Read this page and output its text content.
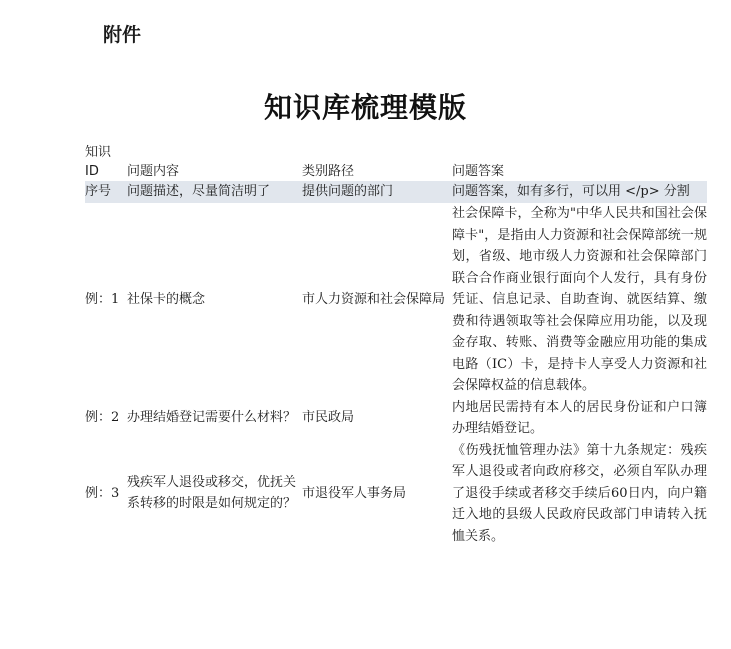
附件
知识库梳理模版
知识
ID	问题内容	类别路径	问题答案
序号	问题描述，尽量简洁明了	提供问题的部门	问题答案，如有多行，可以用 </p> 分割
例：1	社保卡的概念	市人力资源和社会保障局	社会保障卡，全称为"中华人民共和国社会保障卡"，是指由人力资源和社会保障部统一规划，省级、地市级人力资源和社会保障部门联合合作商业银行面向个人发行，具有身份凭证、信息记录、自助查询、就医结算、缴费和待遇领取等社会保障应用功能，以及现金存取、转账、消费等金融应用功能的集成电路（IC）卡，是持卡人享受人力资源和社会保障权益的信息载体。
例：2	办理结婚登记需要什么材料？	市民政局	内地居民需持有本人的居民身份证和户口簿办理结婚登记。
例：3	残疾军人退役或移交，优抚关系转移的时限是如何规定的？	市退役军人事务局	《伤残抚恤管理办法》第十九条规定：残疾军人退役或者向政府移交，必须自军队办理了退役手续或者移交手续后60日内，向户籍迁入地的县级人民政府民政部门申请转入抚恤关系。
